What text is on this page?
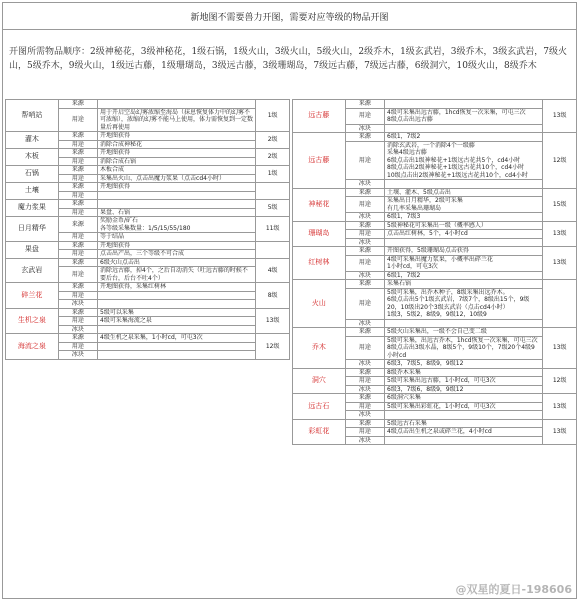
新地图不需要兽力开图，需要对应等级的物品开图
开图所需物品顺序：2级神秘花，3级神秘花，1级石锅，1级火山，3级火山，5级火山，2级乔木，1级玄武岩，3级乔木，3级玄武岩，7级火山，5级乔木，9级火山，1级远古藤，1级珊瑚岛，3级远古藤，3级珊瑚岛，7级远古藤，7级远古藤，6级洞穴，10级火山，8级乔木
帮哨站	来源		1级
	用途	用于开启空岛幻雾浓缩至海岛（抹息恢复体力中的幻雾不可浓缩），浓缩的幻雾不能马上使用，体力需恢复到一定数量后再使用	
灌木	来源	开地图获得	2级
	用途	消除合成神秘花	
木板	来源	开地图获得	2级
	用途	消除合成石锅	
石锅	来源	木板合成	1级
	用途	采集出火山、点击出魔力浆果（点击cd4小时）	
土壤	来源	开地图获得	
	用途		
魔力浆果	来源		5级
	用途	果盘、石锅	
日月精华	来源	奖励金币/矿石
各等级采集数量：1/5/15/55/180	11级
	用途	等于结晶	
果盘	来源	开地图获得	
	用途	点击出产出，三个等级不可合成	
玄武岩	来源	6级火山点击出	4级
	用途	消除远古藤，掉4个，之后自动消失（吐远古藤的时候不要后台，后台不吐4个）	
碎兰花	来源	开地图获得，采集红树林	8级
	用途		
	冰块		
生机之泉	来源	5级可以采集	13级
	用途	4级可采集海流之泉	
	冰块		
海流之泉	来源	4级生机之泉采集，1小时cd，可屯3次	12级
	用途		
	冰块		
远古藤	来源		13级
	用途	4级可采集出远古藤，1hcd恢复一次采集，可屯三次
8级点击出远古藤	
	冰块		
远古藤	来源	6级1，7级2	12级
	用途	消除玄武岩，一个消除4个一级藤
采集4级远古藤
6级点击出1级神秘花+1级远古花共5个，cd4小时
8级点击出2级神秘花+1级远古花共10个，cd4小时
10级点击出2级神秘花+1级远古花共10个，cd4小时	
	冰块		
神秘花	来源	土壤、灌木、5级点击出	15级
	用途	采集出日月精华，2级可采集
有几率采集出珊瑚岛	
	冰块	6级1，7级3	
珊瑚岛	来源	5级神秘花可采集出一级（概率感人）	13级
	用途	点击出红树林，5个，4小时cd	
	冰块		
红树林	来源	开图获得，5级珊瑚岛点击获得	13级
	用途	4级可采集出魔力浆果，小概率出碎兰花
1小时cd，可屯3次	
	冰块	6级1，7级2	
火山	来源	采集石锅	
	用途	5级可采集，出乔木种子，8级采集出远乔木。
6级点击出5个1级玄武岩，7级7个，8级出15个，9级20，10级出20个3级玄武岩（点击cd4小时）
1级3，5级2，8级9，9级12，10级9	
	冰块		
乔木	来源	5级火山采集出，一级不会自己变二级	13级
	用途	5级可采集，出远古乔木，1hcd恢复一次采集，可屯三次
8级点击出3级水晶，8级5个，9级10个，7级20个4级9小时cd	
	冰块	6级3，7级5，8级9，9级12	
洞穴	来源	8级乔木采集	12级
	用途	5级可采集出远古藤，1小时cd，可屯3次	
	冰块	6级3，7级6，8级9，9级12	
远古石	来源	6级洞穴采集	13级
	用途	5级可采集出彩虹花，1小时cd，可屯3次	
	冰块		
彩虹花	来源	5级远古石采集	13级
	用途	4级点击出生机之泉或碎兰花，4小时cd	
	冰块		
@双星的夏日-198606
